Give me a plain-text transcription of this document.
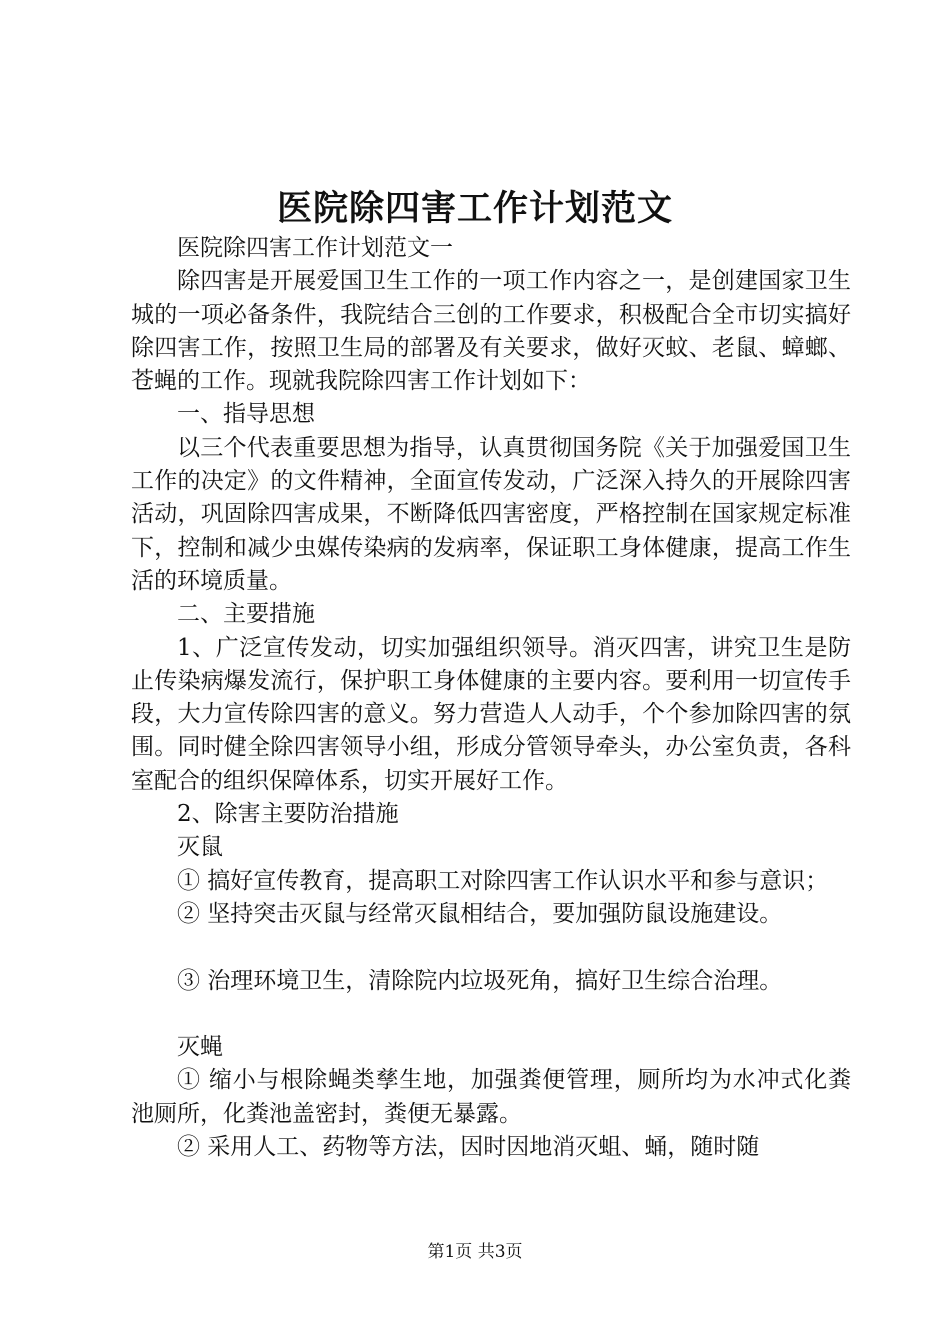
医院除四害工作计划范文

医院除四害工作计划范文一

除四害是开展爱国卫生工作的一项工作内容之一，是创建国家卫生城的一项必备条件，我院结合三创的工作要求，积极配合全市切实搞好除四害工作，按照卫生局的部署及有关要求，做好灭蚊、老鼠、蟑螂、苍蝇的工作。现就我院除四害工作计划如下：

一、指导思想

以三个代表重要思想为指导，认真贯彻国务院《关于加强爱国卫生工作的决定》的文件精神，全面宣传发动，广泛深入持久的开展除四害活动，巩固除四害成果，不断降低四害密度，严格控制在国家规定标准下，控制和减少虫媒传染病的发病率，保证职工身体健康，提高工作生活的环境质量。

二、主要措施

1、广泛宣传发动，切实加强组织领导。消灭四害，讲究卫生是防止传染病爆发流行，保护职工身体健康的主要内容。要利用一切宣传手段，大力宣传除四害的意义。努力营造人人动手，个个参加除四害的氛围。同时健全除四害领导小组，形成分管领导牵头，办公室负责，各科室配合的组织保障体系，切实开展好工作。

2、除害主要防治措施

灭鼠

① 搞好宣传教育，提高职工对除四害工作认识水平和参与意识；

② 坚持突击灭鼠与经常灭鼠相结合，要加强防鼠设施建设。

③ 治理环境卫生，清除院内垃圾死角，搞好卫生综合治理。

灭蝇

① 缩小与根除蝇类孳生地，加强粪便管理，厕所均为水冲式化粪池厕所，化粪池盖密封，粪便无暴露。

② 采用人工、药物等方法，因时因地消灭蛆、蛹，随时随

第1页 共3页
